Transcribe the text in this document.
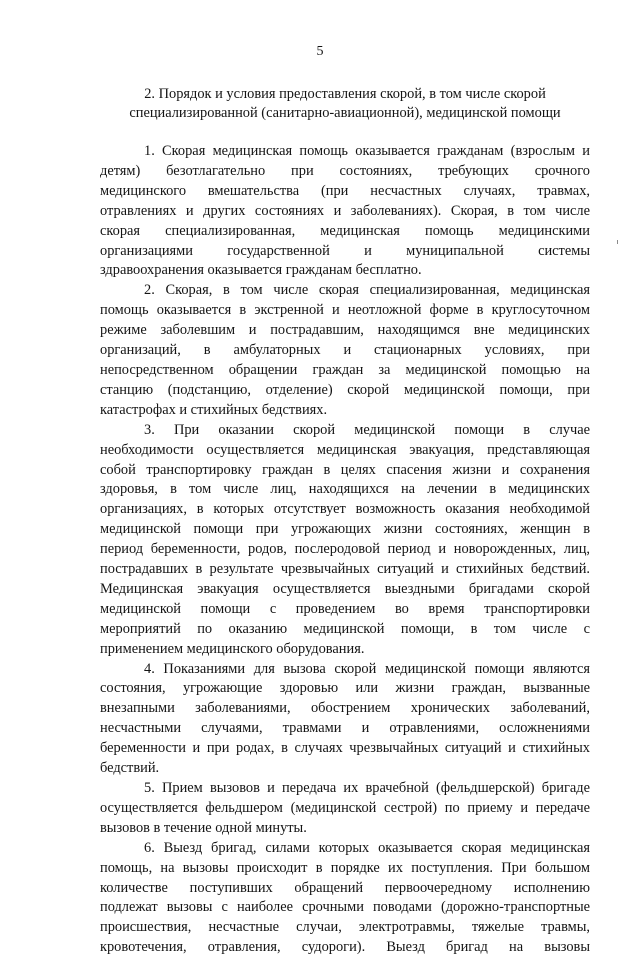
5
2. Порядок и условия предоставления скорой, в том числе скорой
специализированной (санитарно-авиационной), медицинской помощи
1. Скорая медицинская помощь оказывается гражданам (взрослым и
детям) безотлагательно при состояниях, требующих срочного
медицинского вмешательства (при несчастных случаях, травмах,
отравлениях и других состояниях и заболеваниях). Скорая, в том числе
скорая специализированная, медицинская помощь медицинскими
организациями государственной и муниципальной системы
здравоохранения оказывается гражданам бесплатно.
2. Скорая, в том числе скорая специализированная, медицинская
помощь оказывается в экстренной и неотложной форме в круглосуточном
режиме заболевшим и пострадавшим, находящимся вне медицинских
организаций, в амбулаторных и стационарных условиях, при
непосредственном обращении граждан за медицинской помощью на
станцию (подстанцию, отделение) скорой медицинской помощи, при
катастрофах и стихийных бедствиях.
3. При оказании скорой медицинской помощи в случае
необходимости осуществляется медицинская эвакуация, представляющая
собой транспортировку граждан в целях спасения жизни и сохранения
здоровья, в том числе лиц, находящихся на лечении в медицинских
организациях, в которых отсутствует возможность оказания необходимой
медицинской помощи при угрожающих жизни состояниях, женщин в
период беременности, родов, послеродовой период и новорожденных, лиц,
пострадавших в результате чрезвычайных ситуаций и стихийных бедствий.
Медицинская эвакуация осуществляется выездными бригадами скорой
медицинской помощи с проведением во время транспортировки
мероприятий по оказанию медицинской помощи, в том числе с
применением медицинского оборудования.
4. Показаниями для вызова скорой медицинской помощи являются
состояния, угрожающие здоровью или жизни граждан, вызванные
внезапными заболеваниями, обострением хронических заболеваний,
несчастными случаями, травмами и отравлениями, осложнениями
беременности и при родах, в случаях чрезвычайных ситуаций и стихийных
бедствий.
5. Прием вызовов и передача их врачебной (фельдшерской) бригаде
осуществляется фельдшером (медицинской сестрой) по приему и передаче
вызовов в течение одной минуты.
6. Выезд бригад, силами которых оказывается скорая медицинская
помощь, на вызовы происходит в порядке их поступления. При большом
количестве поступивших обращений первоочередному исполнению
подлежат вызовы с наиболее срочными поводами (дорожно-транспортные
происшествия, несчастные случаи, электротравмы, тяжелые травмы,
кровотечения, отравления, судороги). Выезд бригад на вызовы
